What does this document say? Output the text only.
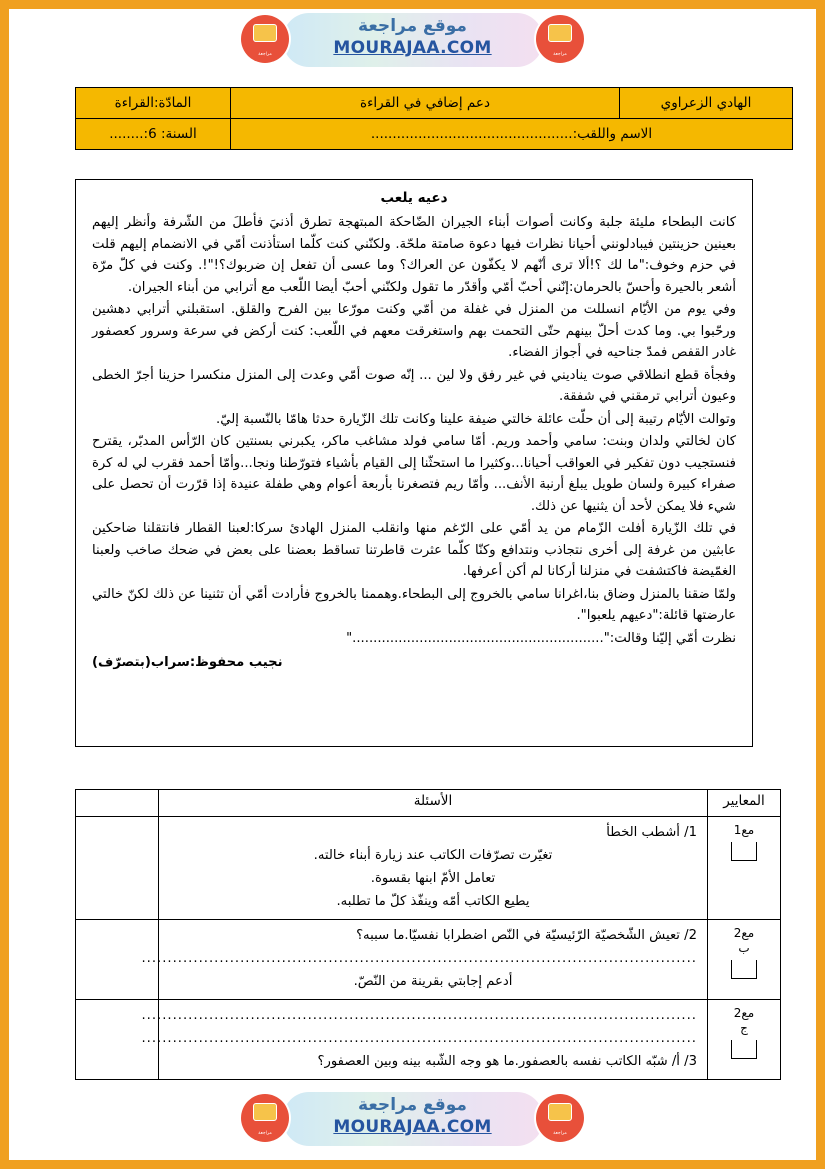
موقع مراجعة
MOURAJAA.COM
مراجعة	مراجعة
الهادي الزعراوي	دعم إضافي في القراءة	المادّة:القراءة
الاسم واللقب:...............................................		السنة: 6:........
دعيه يلعب

كانت البطحاء مليئة جلبة وكانت أصوات أبناء الجيران الضّاحكة المبتهجة تطرق أذنيَ فأطلَ من الشّرفة وأنظر إليهم بعينين حزينتين فيبادلونني أحيانا نظرات فيها دعوة صامتة ملحّة. ولكنّني كنت كلّما استأذنت أمّي في الانضمام إليهم قلت في حزم وخوف:"ما لك ؟!ألا ترى أنّهم لا يكفّون عن العراك؟ وما عسى أن تفعل إن ضربوك؟!"!. وكنت في كلّ مرّة أشعر بالحيرة وأحسّ بالحرمان:إنّني أحبّ أمّي وأقدّر ما تقول ولكنّني أحبّ أيضا اللّعب مع أترابي من أبناء الجيران.

وفي يوم من الأيّام انسللت من المنزل في غفلة من أمّي وكنت مورّعا بين الفرح والقلق. استقبلني أترابي دهشين ورحّبوا بي. وما كدت أحلّ بينهم حتّى التحمت بهم واستغرقت معهم في اللّعب: كنت أركض في سرعة وسرور كعصفور غادر القفص فمدّ جناحيه في أجواز الفضاء.

وفجأة قطع انطلاقي صوت يناديني في غير رفق ولا لين ... إنّه صوت أمّي وعدت إلى المنزل منكسرا حزينا أجرّ الخطى وعيون أترابي ترمقني في شفقة.

وتوالت الأيّام رتيبة إلى أن حلّت عائلة خالتي ضيفة علينا وكانت تلك الزّيارة حدثا هامّا بالنّسبة إليّ.

كان لخالتي ولدان وبنت: سامي وأحمد وريم. أمّا سامي فولد مشاغب ماكر، يكبرني بسنتين كان الرّأس المدبّر، يقترح فنستجيب دون تفكير في العواقب أحيانا...وكثيرا ما استحثّنا إلى القيام بأشياء فتورّطنا ونجا...وأمّا أحمد فقرب لي له كرة صفراء كبيرة ولسان طويل يبلغ أرنبة الأنف... وأمّا ريم فتصغرنا بأربعة أعوام وهي طفلة عنيدة إذا قرّرت أن تحصل على شيء فلا يمكن لأحد أن يثنيها عن ذلك.

في تلك الزّيارة أفلت الزّمام من يد أمّي على الرّغم منها وانقلب المنزل الهادئ سركا:لعبنا القطار فانتقلنا ضاحكين عابثين من غرفة إلى أخرى نتجاذب ونتدافع وكنّا كلّما عثرت قاطرتنا تساقط بعضنا على بعض في ضحك صاخب ولعبنا الغمّيضة فاكتشفت في منزلنا أركانا لم أكن أعرفها.

ولمّا ضقنا بالمنزل وضاق بنا،اغرانا سامي بالخروج إلى البطحاء.وهممنا بالخروج فأرادت أمّي أن تثنينا عن ذلك لكنّ خالتي عارضتها قائلة:"دعيهم يلعبوا".

نظرت أمّي إليّنا وقالت:"............................................................"

نجيب محفوظ:سراب(بتصرّف)
المعايير	الأسئلة	

مع1	1/ أشطب الخطأ
تغيّرت تصرّفات الكاتب عند زيارة أبناء خالته.
تعامل الأمّ ابنها بقسوة.
يطيع الكاتب أمّه وينفّذ كلّ ما تطلبه.	

مع2
ب	2/ تعيش الشّخصيّة الرّئيسيّة في النّص اضطرابا نفسيّا.ما سببه؟
...........................................................................................................
أدعم إجابتي بقرينة من النّصّ.	

مع2
ج	...........................................................................................................
...........................................................................................................
3/ أ/ شبّه الكاتب نفسه بالعصفور.ما هو وجه الشّبه بينه وبين العصفور؟	

موقع مراجعة
MOURAJAA.COM
مراجعة	مراجعة
